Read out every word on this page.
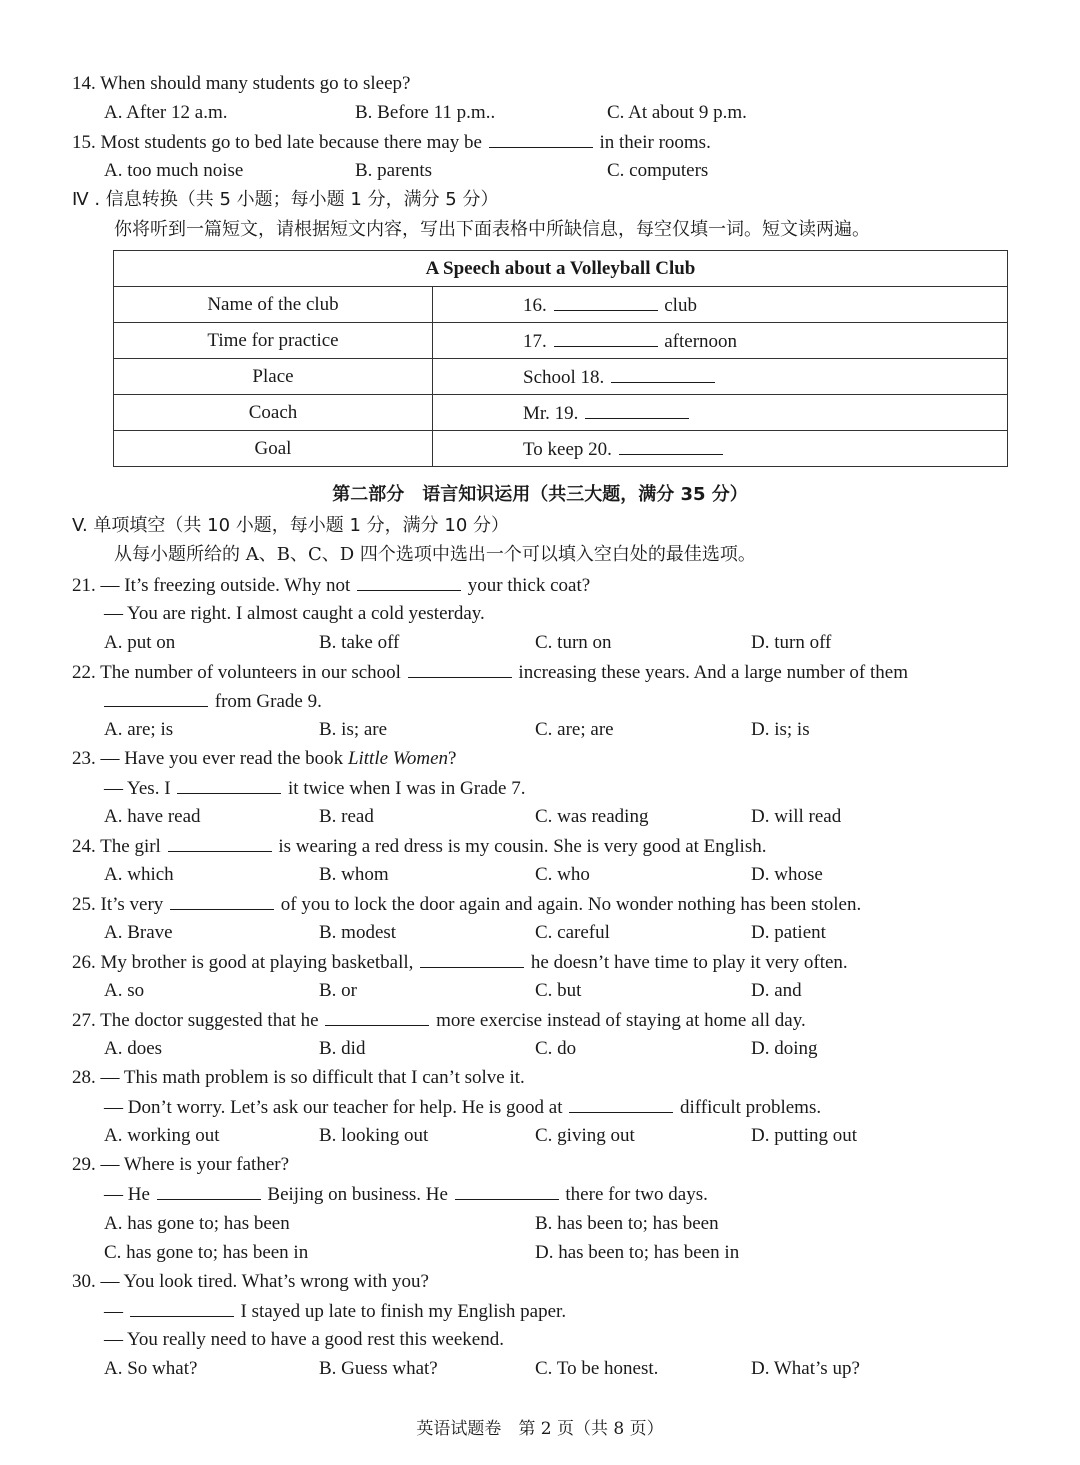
14. When should many students go to sleep?
A. After 12 a.m.	B. Before 11 p.m..	C. At about 9 p.m.
15. Most students go to bed late because there may be	in their rooms.
A. too much noise	B. parents	C. computers
Ⅳ . 信息转换（共 5 小题；每小题 1 分，满分 5 分）
你将听到一篇短文，请根据短文内容，写出下面表格中所缺信息，每空仅填一词。短文读两遍。
A Speech about a Volleyball Club	
Name of the club	16. club
Time for practice	17. afternoon
Place	School 18.
Coach	Mr. 19.
Goal	To keep 20.
第二部分　语言知识运用（共三大题，满分 35 分）
V. 单项填空（共 10 小题，每小题 1 分，满分 10 分）
从每小题所给的 A、B、C、D 四个选项中选出一个可以填入空白处的最佳选项。
21. — It’s freezing outside. Why not	your thick coat?
— You are right. I almost caught a cold yesterday.
A. put on	B. take off	C. turn on	D. turn off
22. The number of volunteers in our school	increasing these years. And a large number of them
from Grade 9.
A. are; is	B. is; are	C. are; are	D. is; is
23. — Have you ever read the book Little Women?
— Yes. I	it twice when I was in Grade 7.
A. have read	B. read	C. was reading	D. will read
24. The girl	is wearing a red dress is my cousin. She is very good at English.
A. which	B. whom	C. who	D. whose
25. It’s very	of you to lock the door again and again. No wonder nothing has been stolen.
A. Brave	B. modest	C. careful	D. patient
26. My brother is good at playing basketball,	he doesn’t have time to play it very often.
A. so	B. or	C. but	D. and
27. The doctor suggested that he	more exercise instead of staying at home all day.
A. does	B. did	C. do	D. doing
28. — This math problem is so difficult that I can’t solve it.
— Don’t worry. Let’s ask our teacher for help. He is good at	difficult problems.
A. working out	B. looking out	C. giving out	D. putting out
29. — Where is your father?
— He	Beijing on business. He	there for two days.
A. has gone to; has been	B. has been to; has been
C. has gone to; has been in	D. has been to; has been in
30. — You look tired. What’s wrong with you?
—	I stayed up late to finish my English paper.
— You really need to have a good rest this weekend.
A. So what?	B. Guess what?	C. To be honest.	D. What’s up?
英语试题卷　第 2 页（共 8 页）
